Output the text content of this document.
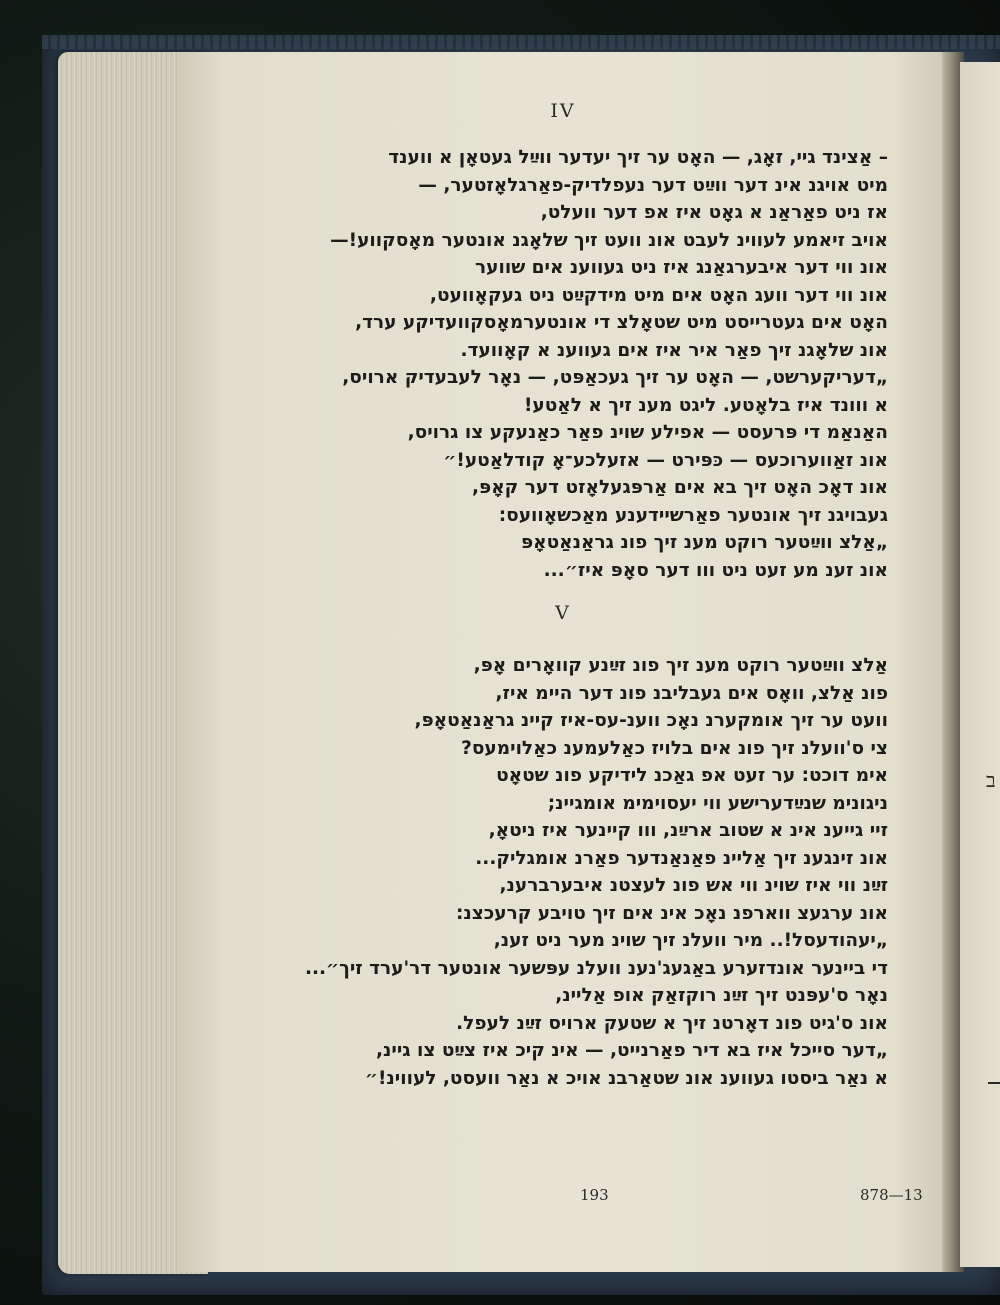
ב
IV
– אַצינד גיי, זאָג, — האָט ער זיך יעדער ווײַל געטאָן א ווענד
מיט אויגנ אינ דער ווײַט דער נעפלדיק-פאַרגלאָזטער, —
אז ניט פאַראַנ א גאָט איז אפ דער וועלט,
אויב זיאמע לעווינ לעבט אונ וועט זיך שלאָגנ אונטער מאָסקווע!—
אונ ווי דער איבערגאַנג איז ניט געווענ אים שווער
אונ ווי דער וועג האָט אים מיט מידקײַט ניט געקאָוועט,
האָט אים געטרייסט מיט שטאָלצ די אונטערמאָסקוועדיקע ערד,
אונ שלאָגנ זיך פאַר איר איז אים געווענ א קאָוועד.
„דעריקערשט, — האָט ער זיך געכאַפּט, — נאָר לעבעדיק ארויס,
א ווונד איז בלאָטע. ליגט מענ זיך א לאַטע!
האַנאַמ די פּרעסט — אפילע שוינ פאַר כאַנעקע צו גרויס,
אונ זאַווערוכעס — כּפּירט — אזעלכע־אָ קודלאַטע!״
אונ דאָכ האָט זיך בא אים אַרפּגעלאָזט דער קאָפּ,
געבויגנ זיך אונטער פאַרשיידענע מאַכשאָוועס:
„אַלצ ווײַטער רוקט מענ זיך פונ גראַנאַטאָפּ
אונ זענ מע זעט ניט ווו דער סאָפּ איז״...
V
אַלצ ווײַטער רוקט מענ זיך פונ זײַנע קוואָרים אָפּ,
פונ אַלצ, וואָס אים געבליבנ פונ דער היימ איז,
וועט ער זיך אומקערנ נאָכ ווענ-עס-איז קיינ גראַנאַטאָפּ,
צי ס'וועלנ זיך פונ אים בלויז כאַלעמענ כאַלוימעס?
אימ דוכט: ער זעט אפ גאַכנ לידיקע פונ שטאָט
ניגונימ שנײַדערישע ווי יעסוימימ אומגיינ;
זיי גייענ אינ א שטוב ארײַנ, ווו קיינער איז ניטאָ,
אונ זינגענ זיך אַליינ פאַנאַנדער פאַרנ אומגליק...
זײַנ ווי איז שוינ ווי אש פונ לעצטנ איבערברענ,
אונ ערגעצ ווארפנ נאָכ אינ אים זיך טויבע קרעכצנ:
„יעהודעסל!.. מיר וועלנ זיך שוינ מער ניט זענ,
די ביינער אונדזערע באַגעג'נענ וועלנ עפּשער אונטער דר'ערד זיך״...
נאָר ס'עפּנט זיך זײַנ רוקזאַק אופ אַליינ,
אונ ס'גיט פונ דאָרטנ זיך א שטעק ארויס זײַנ לעפל.
„דער סייכל איז בא דיר פאַרנייט, — אינ קיכ איז צײַט צו גיינ,
א נאַר ביסטו געווענ אונ שטאַרבנ אויכ א נאַר וועסט, לעווינ!״
193	878—13
